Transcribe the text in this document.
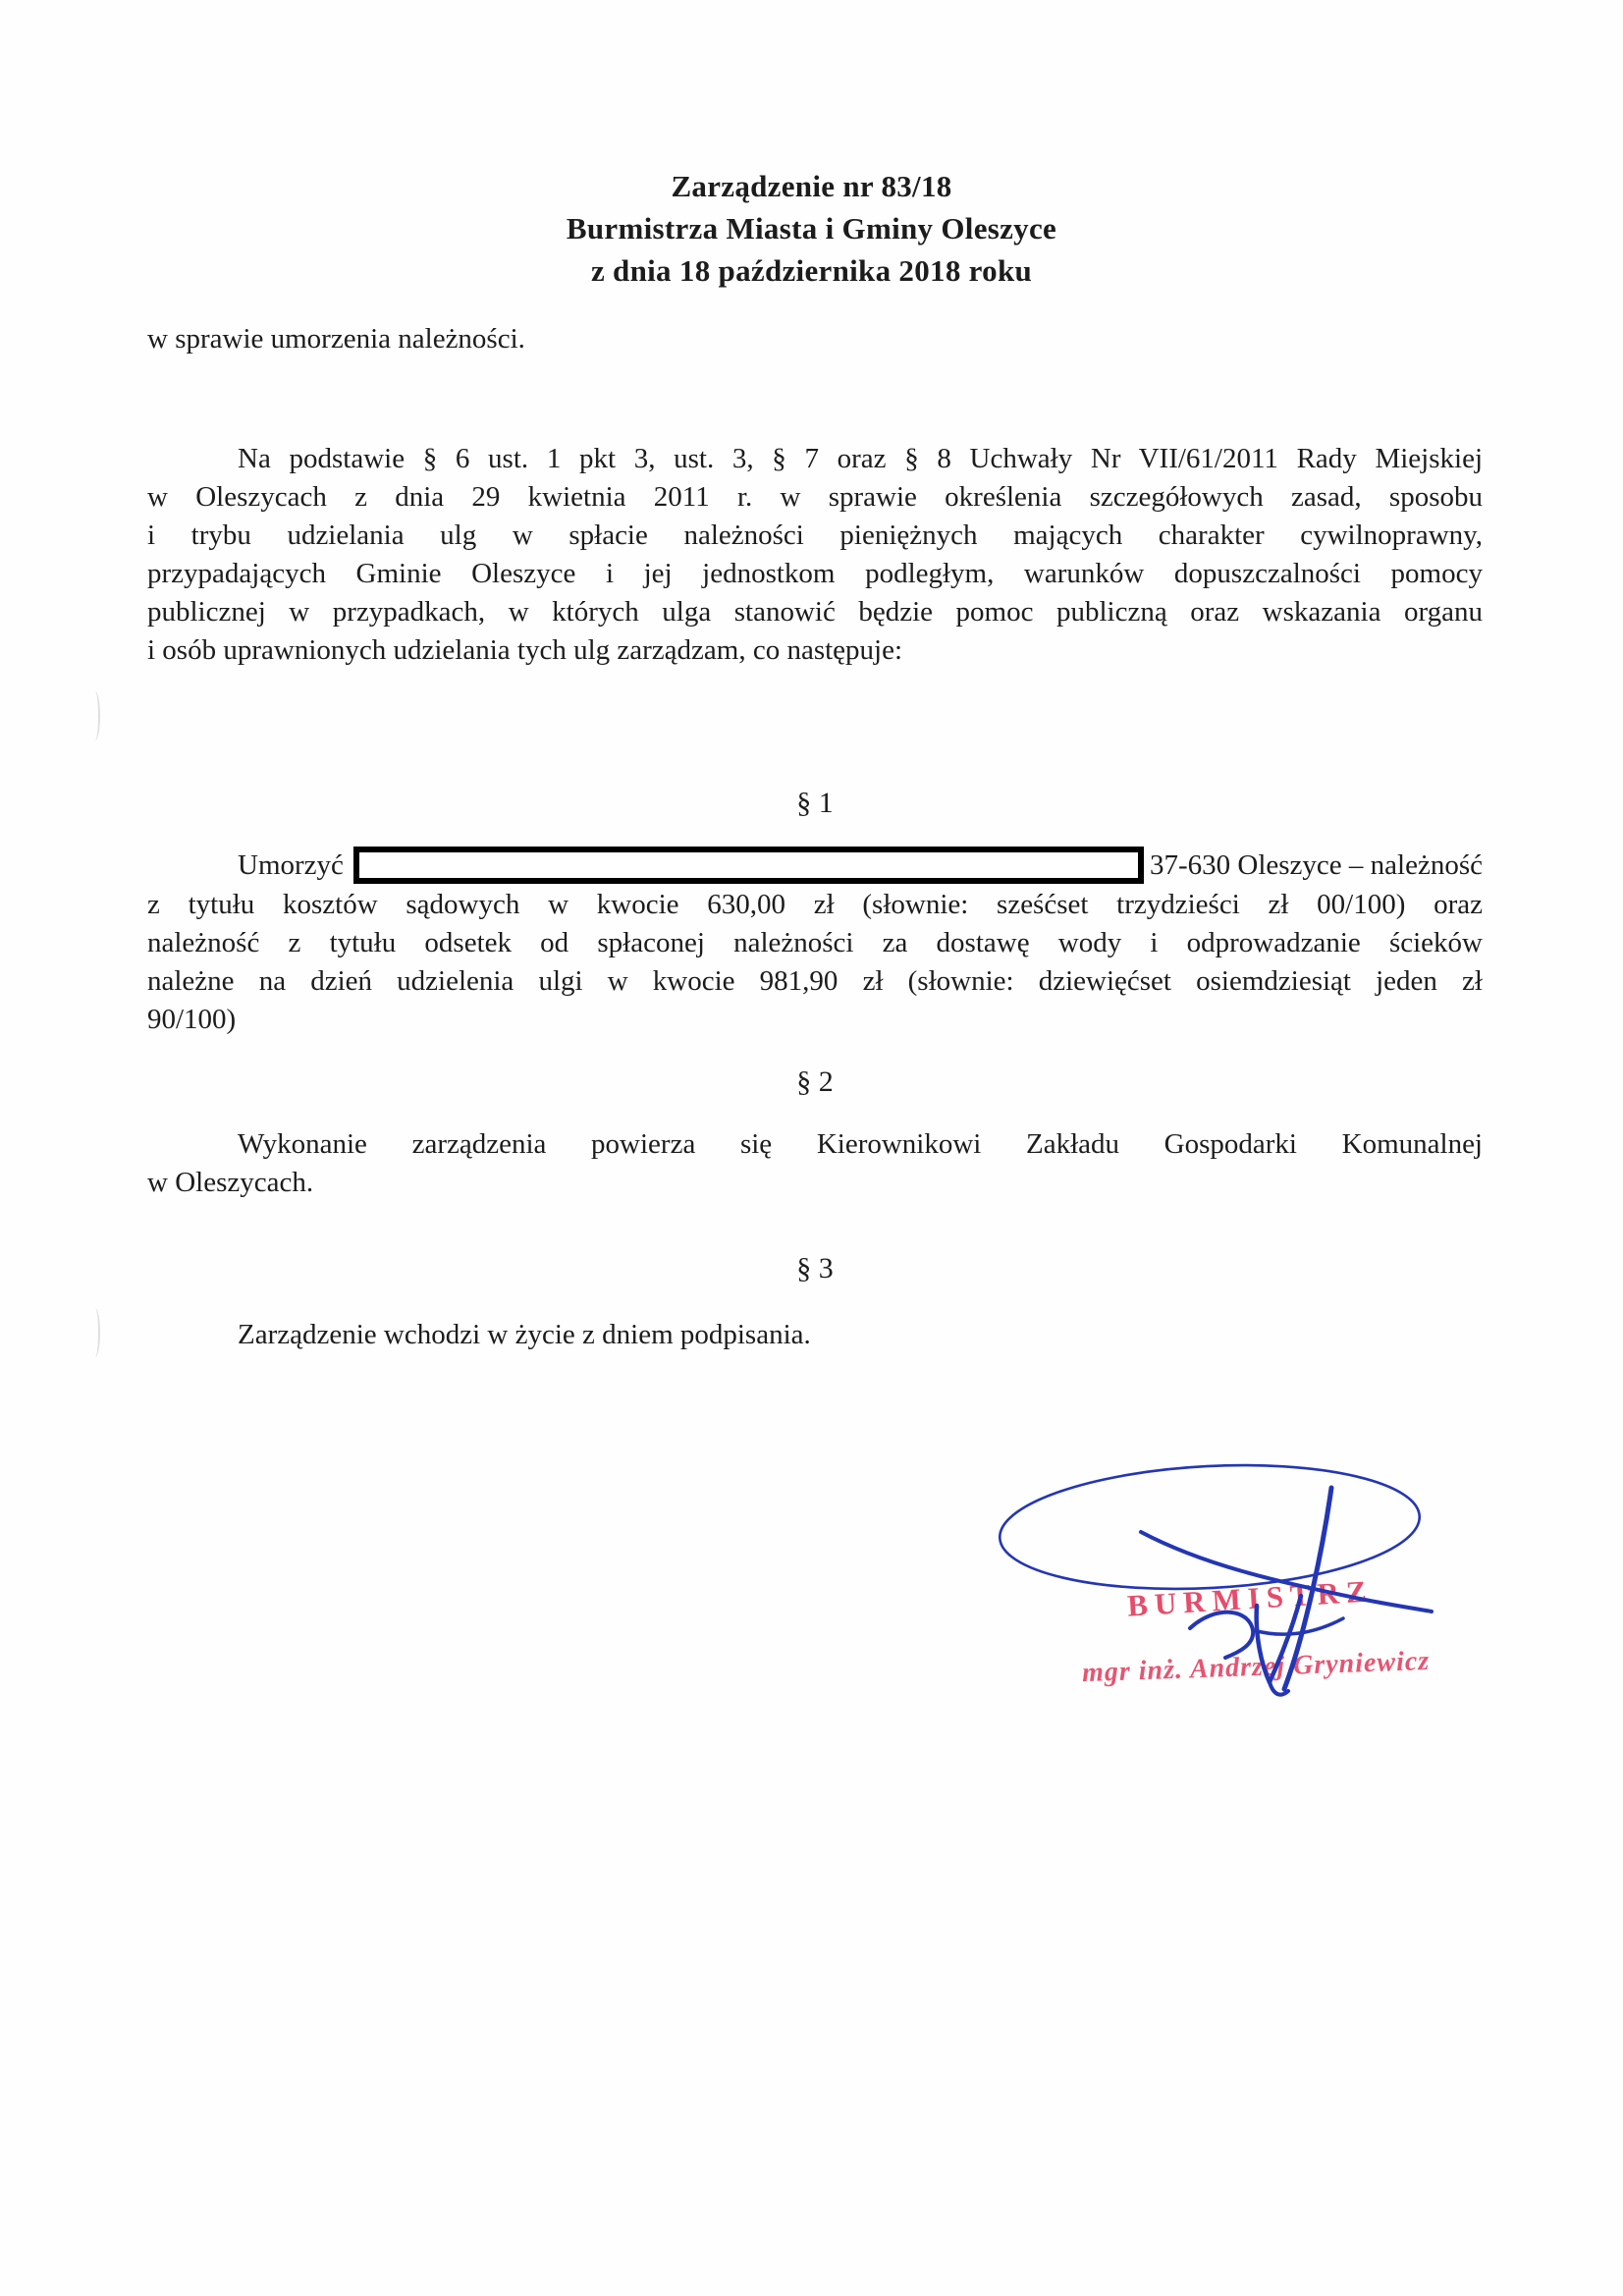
Zarządzenie nr 83/18
Burmistrza Miasta i Gminy Oleszyce
z dnia 18 października 2018 roku
w sprawie umorzenia należności.
Na podstawie § 6 ust. 1 pkt 3, ust. 3, § 7 oraz § 8 Uchwały Nr VII/61/2011 Rady Miejskiej
w Oleszycach z dnia 29 kwietnia 2011 r. w sprawie określenia szczegółowych zasad, sposobu
i trybu udzielania ulg w spłacie należności pieniężnych mających charakter cywilnoprawny,
przypadających Gminie Oleszyce i jej jednostkom podległym, warunków dopuszczalności pomocy
publicznej w przypadkach, w których ulga stanowić będzie pomoc publiczną oraz wskazania organu
i osób uprawnionych udzielania tych ulg zarządzam, co następuje:
§ 1
Umorzyć	37-630 Oleszyce – należność
z tytułu kosztów sądowych w kwocie 630,00 zł (słownie: sześćset trzydzieści zł 00/100) oraz
należność z tytułu odsetek od spłaconej należności za dostawę wody i odprowadzanie ścieków
należne na dzień udzielenia ulgi w kwocie 981,90 zł (słownie: dziewięćset osiemdziesiąt jeden zł
90/100)
§ 2
Wykonanie zarządzenia powierza się Kierownikowi Zakładu Gospodarki Komunalnej
w Oleszycach.
§ 3
Zarządzenie wchodzi w życie z dniem podpisania.
BURMISTRZ
mgr inż. Andrzej Gryniewicz
